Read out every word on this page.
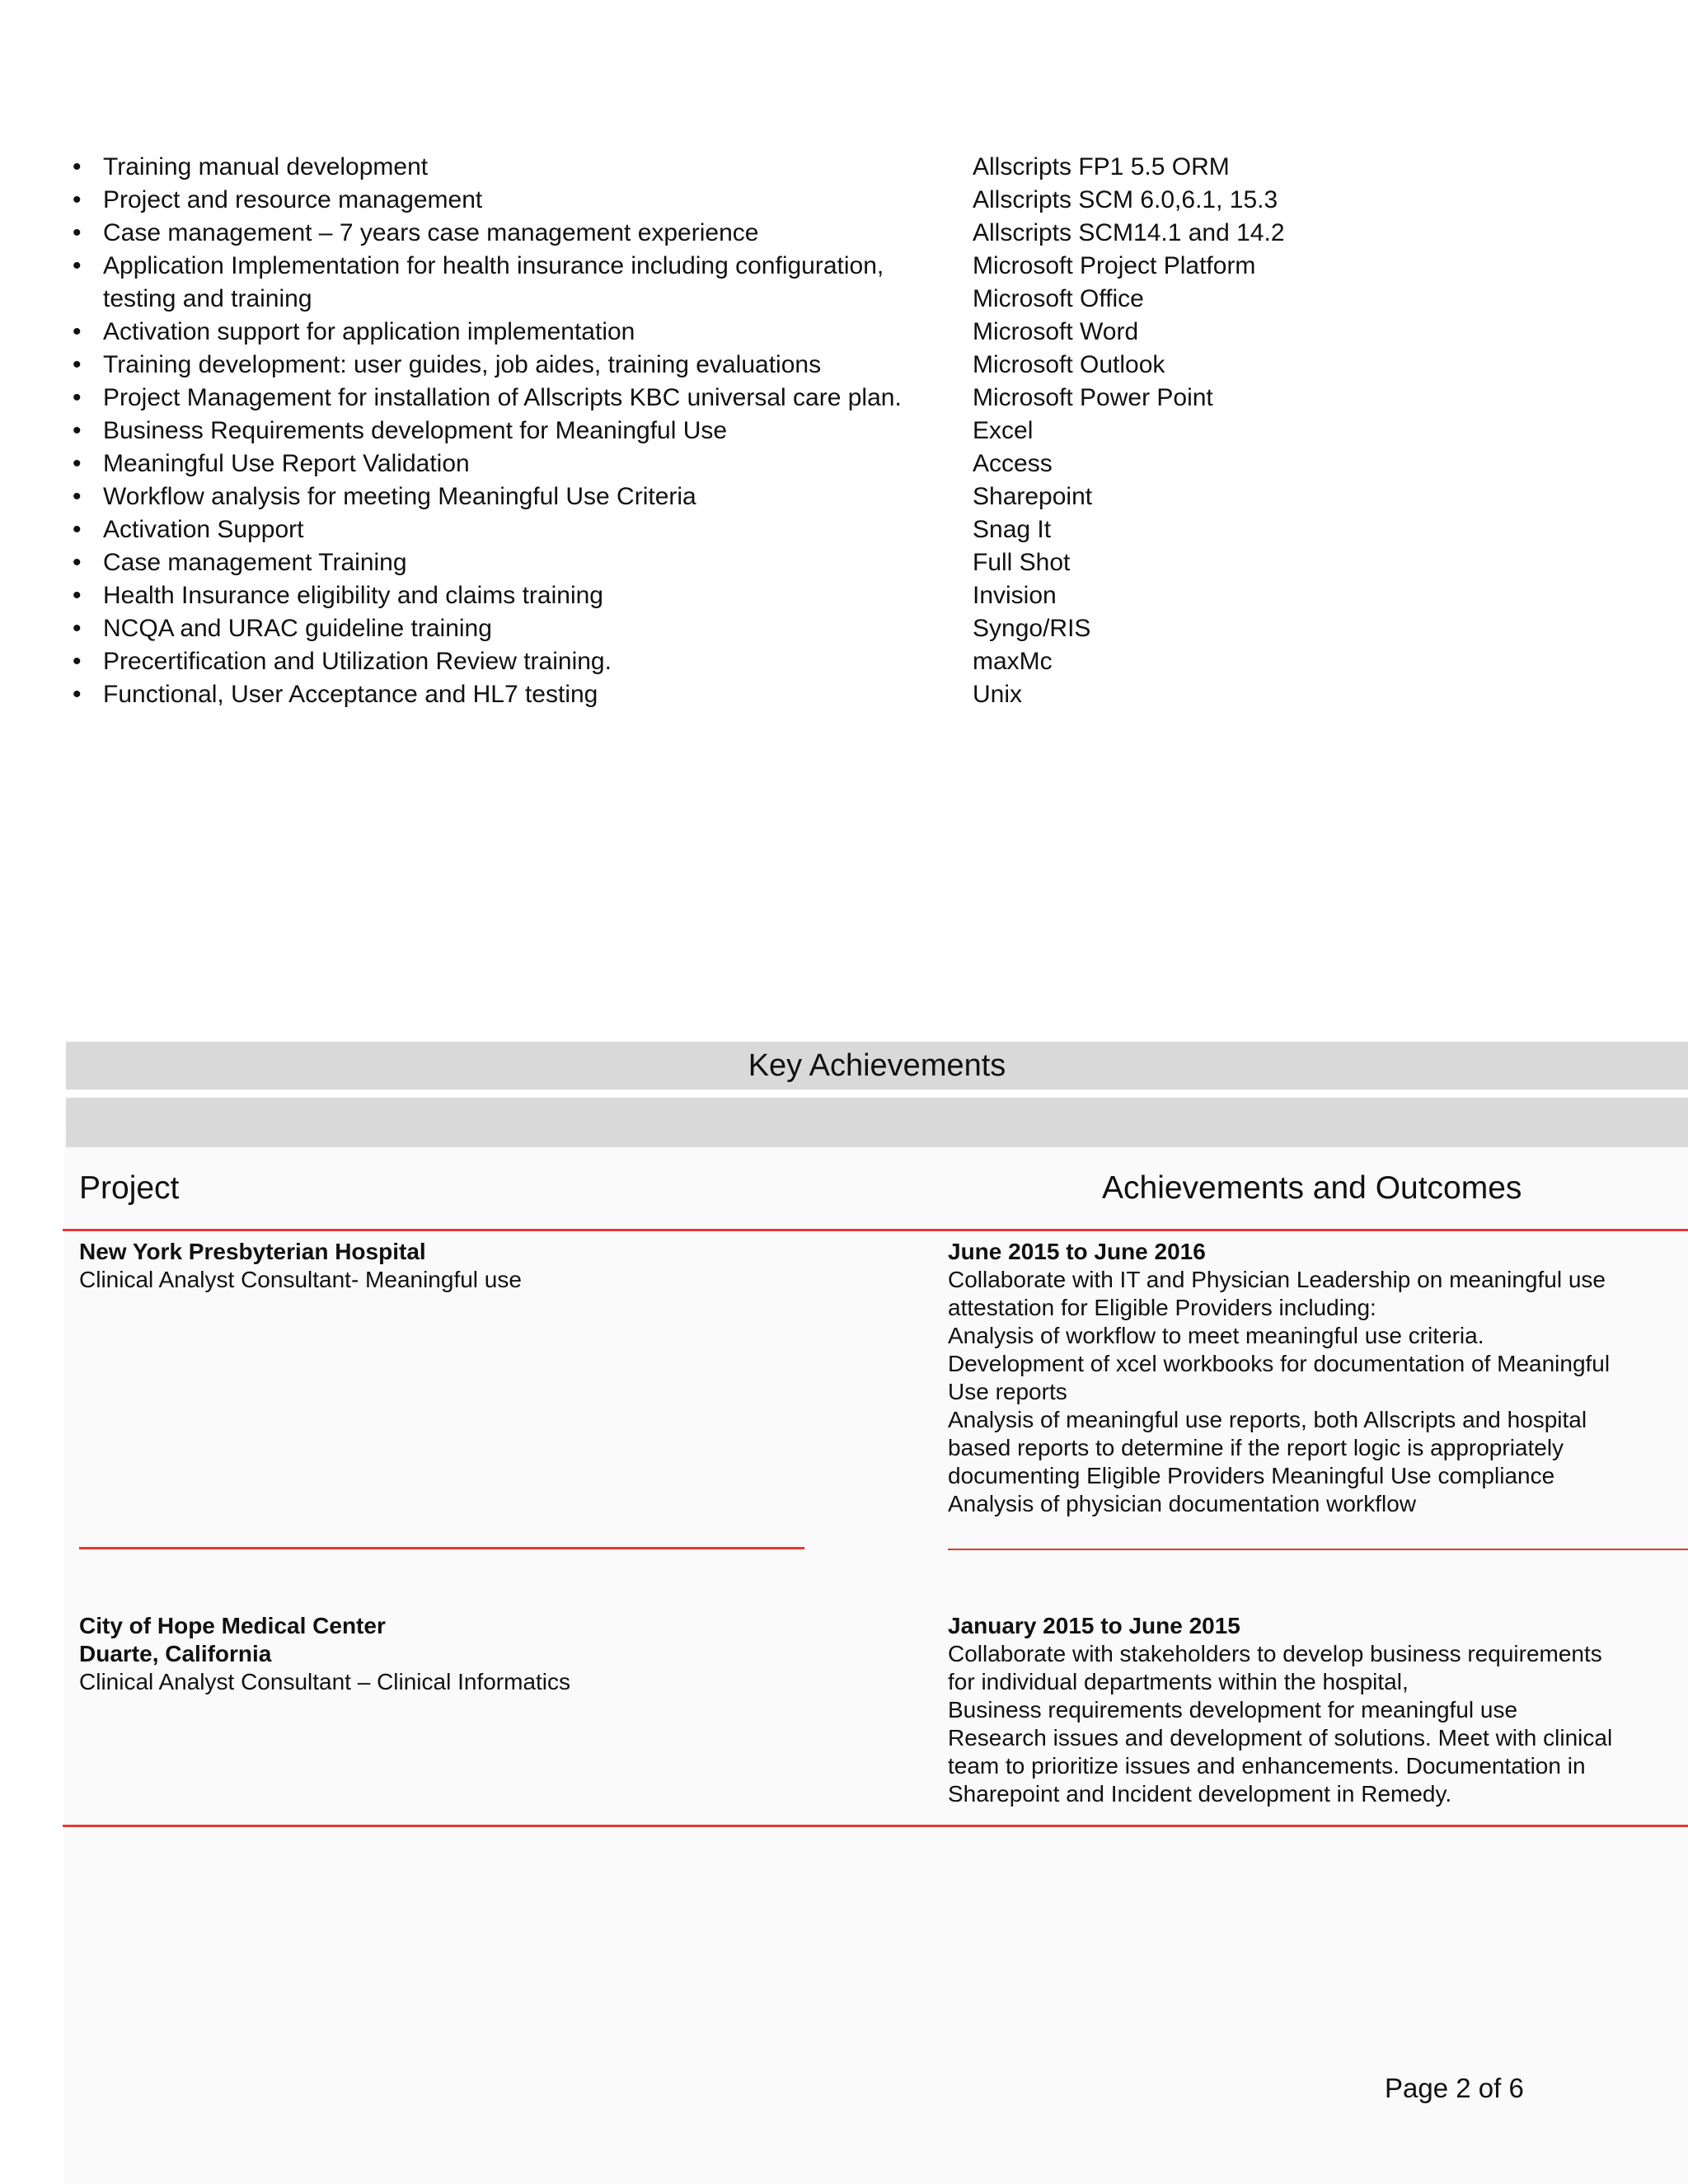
• Training manual development
• Project and resource management
• Case management – 7 years case management experience
• Application Implementation for health insurance including configuration, testing and training
• Activation support for application implementation
• Training development: user guides, job aides, training evaluations
• Project Management for installation of Allscripts KBC universal care plan.
• Business Requirements development for Meaningful Use
• Meaningful Use Report Validation
• Workflow analysis for meeting Meaningful Use Criteria
• Activation Support
• Case management Training
• Health Insurance eligibility and claims training
• NCQA and URAC guideline training
• Precertification and Utilization Review training.
• Functional, User Acceptance and HL7 testing
Allscripts FP1 5.5 ORM
Allscripts SCM 6.0,6.1, 15.3
Allscripts SCM14.1 and 14.2
Microsoft Project Platform
Microsoft Office
Microsoft Word
Microsoft Outlook
Microsoft Power Point
Excel
Access
Sharepoint
Snag It
Full Shot
Invision
Syngo/RIS
maxMc
Unix
Key Achievements
Project	Achievements and Outcomes
New York Presbyterian Hospital
Clinical Analyst Consultant- Meaningful use
June 2015 to June 2016
Collaborate with IT and Physician Leadership on meaningful use
attestation for Eligible Providers including:
Analysis of workflow to meet meaningful use criteria.
Development of xcel workbooks for documentation of Meaningful
Use reports
Analysis of meaningful use reports, both Allscripts and hospital
based reports to determine if the report logic is appropriately
documenting Eligible Providers Meaningful Use compliance
Analysis of physician documentation workflow
City of Hope Medical Center
Duarte, California
Clinical Analyst Consultant – Clinical Informatics
January 2015 to June 2015
Collaborate with stakeholders to develop business requirements
for individual departments within the hospital,
Business requirements development for meaningful use
Research issues and development of solutions. Meet with clinical
team to prioritize issues and enhancements. Documentation in
Sharepoint and Incident development in Remedy.
Page 2 of 6
